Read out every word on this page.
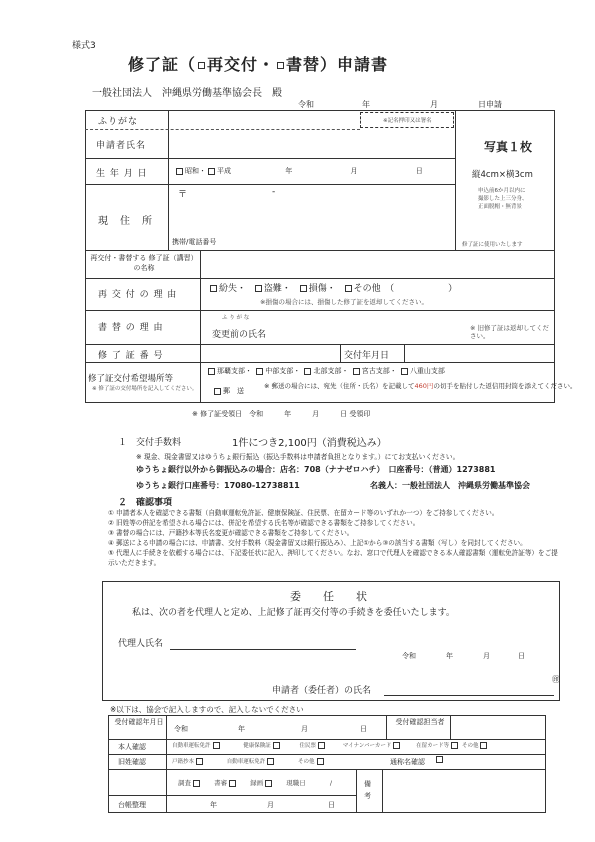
様式3
修了証（ 再交付・ 書替）申請書
一般社団法人　沖縄県労働基準協会長　殿
令和	年	月	日申請
※記名押印又は署名
ふりがな
申請者氏名
生 年 月 日	昭和・ 平成	年	月	日
〒	-
現　住　所
携帯/電話番号
写真１枚
縦4cm×横3cm
申込前6か月以内に
撮影した上三分身、
正面脱帽・無背景
修了証に使用いたします
再交付・書替する 修了証（講習）の名称
再 交 付 の 理 由
紛失・ 盗難・ 損傷・ その他　（　　　　　　）
※損傷の場合には、損傷した修了証を返却してください。
書 替 の 理 由
ふ り が な
変更前の氏名
※ 旧修了証は返却してください。
修 了 証 番 号	交付年月日
修了証交付希望場所等
※ 修了証の交付場所を記入してください。
那覇支部・ 中部支部・ 北部支部・ 宮古支部・ 八重山支部
郵　送
※ 郵送の場合には、宛先（住所・氏名）を記載して460円の切手を貼付した返信用封筒を添えてください。
※ 修了証受領日　令和　　　年　　　月　　　日 受領印
１　交付手数料	1件につき2,100円（消費税込み）
※ 現金、現金書留又はゆうちょ銀行振込（振込手数料は申請者負担となります。）にてお支払いください。
ゆうちょ銀行以外から御振込みの場合：店名：708（ナナゼロハチ）　口座番号：（普通）1273881
ゆうちょ銀行口座番号：17080-12738811	名義人：一般社団法人　沖縄県労働基準協会
２　確認事項
① 申請者本人を確認できる書類（自動車運転免許証、健康保険証、住民票、在留カード等のいずれか一つ）をご持参してください。
② 旧姓等の併記を希望される場合には、併記を希望する氏名等が確認できる書類をご持参してください。
③ 書替の場合には、戸籍抄本等氏名変更が確認できる書類をご持参してください。
④ 郵送による申請の場合には、申請書、交付手数料（現金書留又は銀行振込み）、上記①から③の該当する書類（写し）を同封してください。
⑤ 代理人に手続きを依頼する場合には、下記委任状に記入、押印してください。なお、窓口で代理人を確認できる本人確認書類（運転免許証等）をご提示いただきます。
委　　任　　状
私は、次の者を代理人と定め、上記修了証再交付等の手続きを委任いたします。
代理人氏名
令和	年	月	日
㊞
申請者（委任者）の氏名
※以下は、協会で記入しますので、記入しないでください
受付確認年月日
令和	年	月	日
受付確認担当者
本人確認	自動車運転免許	健康保険証	住民票	マイナンバーカード	在留カード等 その他
旧姓確認	戸籍抄本	自動車運転免許	その他	通称名確認
調査	書審	録画	現職日	/
台帳整理	年	月	日
備考
